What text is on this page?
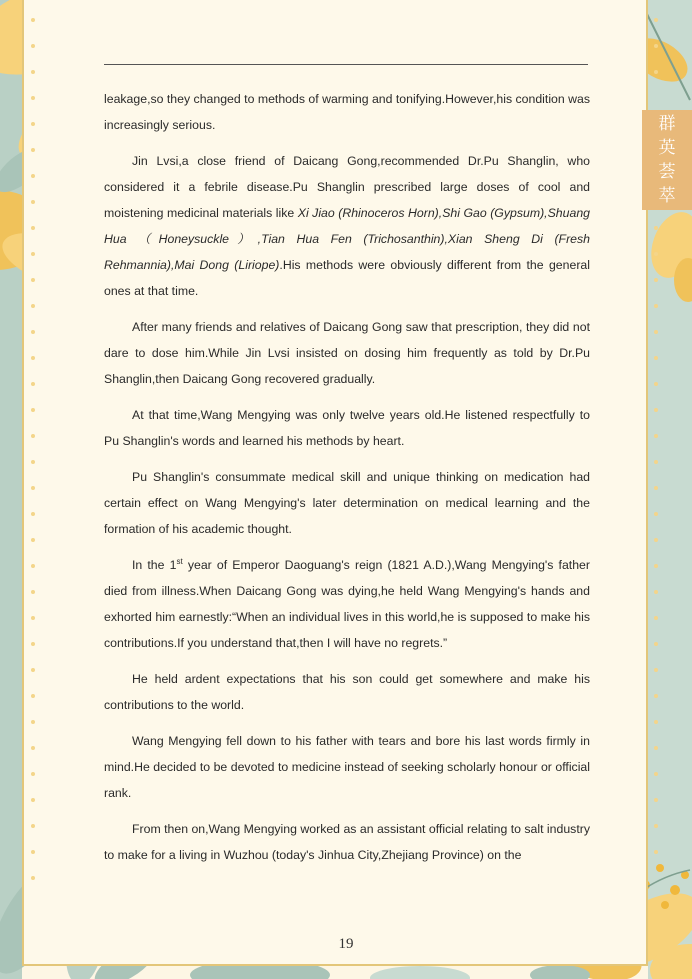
群
英
荟
萃

leakage,so they changed to methods of warming and tonifying.However,his condition was increasingly serious.

Jin Lvsi,a close friend of Daicang Gong,recommended Dr.Pu Shanglin, who considered it a febrile disease.Pu Shanglin prescribed large doses of cool and moistening medicinal materials like Xi Jiao (Rhinoceros Horn),Shi Gao (Gypsum),Shuang Hua （Honeysuckle）,Tian Hua Fen (Trichosanthin),Xian Sheng Di (Fresh Rehmannia),Mai Dong (Liriope).His methods were obviously different from the general ones at that time.

After many friends and relatives of Daicang Gong saw that prescription, they did not dare to dose him.While Jin Lvsi insisted on dosing him frequently as told by Dr.Pu Shanglin,then Daicang Gong recovered gradually.

At that time,Wang Mengying was only twelve years old.He listened respectfully to Pu Shanglin's words and learned his methods by heart.

Pu Shanglin's consummate medical skill and unique thinking on medication had certain effect on Wang Mengying's later determination on medical learning and the formation of his academic thought.

In the 1st year of Emperor Daoguang's reign (1821 A.D.),Wang Mengying's father died from illness.When Daicang Gong was dying,he held Wang Mengying's hands and exhorted him earnestly:“When an individual lives in this world,he is supposed to make his contributions.If you understand that,then I will have no regrets.”

He held ardent expectations that his son could get somewhere and make his contributions to the world.

Wang Mengying fell down to his father with tears and bore his last words firmly in mind.He decided to be devoted to medicine instead of seeking scholarly honour or official rank.

From then on,Wang Mengying worked as an assistant official relating to salt industry to make for a living in Wuzhou (today's Jinhua City,Zhejiang Province) on the

19
